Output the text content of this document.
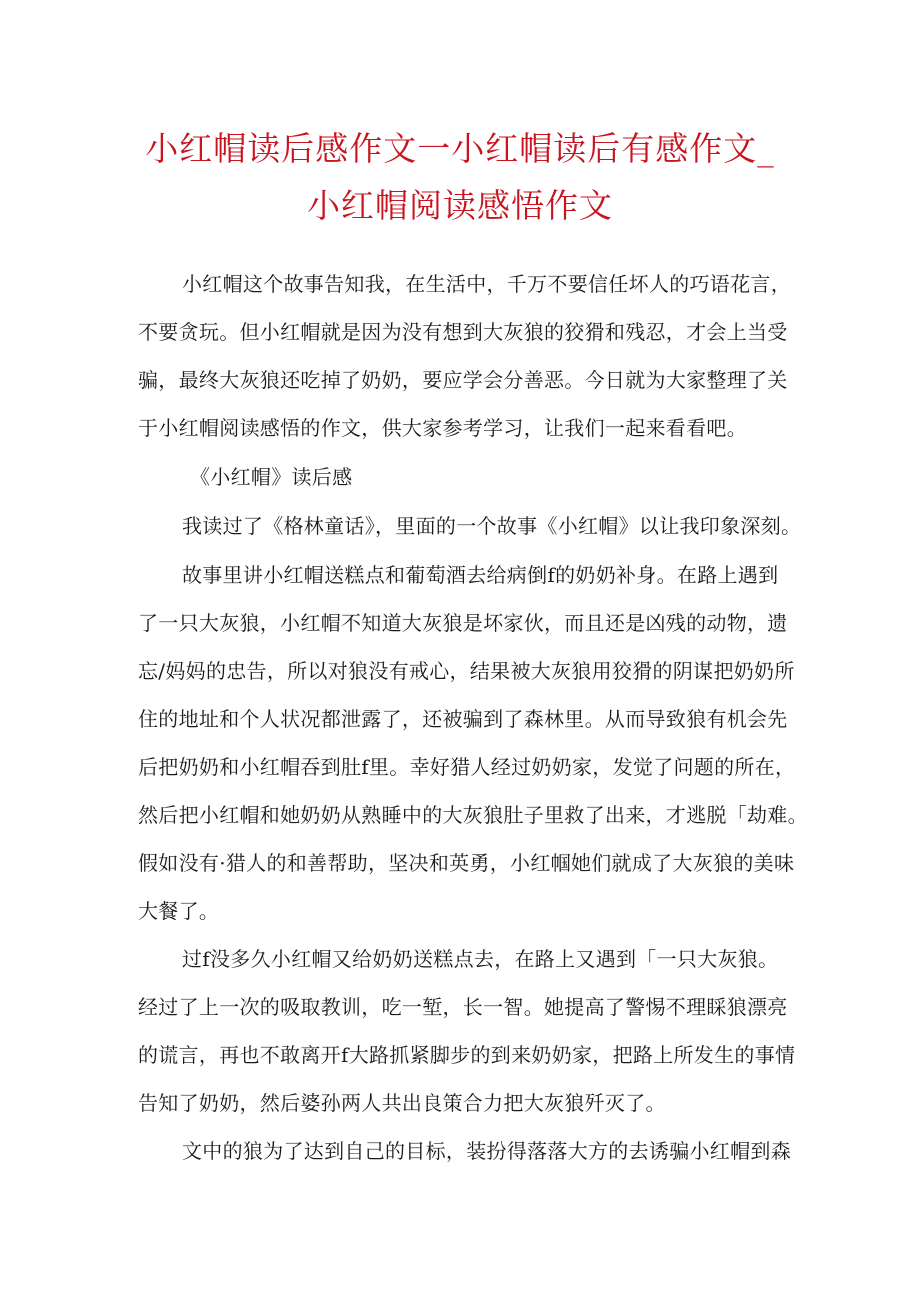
小红帽读后感作文一小红帽读后有感作文_
小红帽阅读感悟作文
小红帽这个故事告知我，在生活中，千万不要信任坏人的巧语花言，
不要贪玩。但小红帽就是因为没有想到大灰狼的狡猾和残忍，才会上当受
骗，最终大灰狼还吃掉了奶奶，要应学会分善恶。今日就为大家整理了关
于小红帽阅读感悟的作文，供大家参考学习，让我们一起来看看吧。
《小红帽》读后感
我读过了《格林童话》，里面的一个故事《小红帽》以让我印象深刻。
故事里讲小红帽送糕点和葡萄酒去给病倒f的奶奶补身。在路上遇到
了一只大灰狼，小红帽不知道大灰狼是坏家伙，而且还是凶残的动物，遗
忘/妈妈的忠告，所以对狼没有戒心，结果被大灰狼用狡猾的阴谋把奶奶所
住的地址和个人状况都泄露了，还被骗到了森林里。从而导致狼有机会先
后把奶奶和小红帽吞到肚f里。幸好猎人经过奶奶家，发觉了问题的所在，
然后把小红帽和她奶奶从熟睡中的大灰狼肚子里救了出来，才逃脱「劫难。
假如没有·猎人的和善帮助，坚决和英勇，小红帼她们就成了大灰狼的美味
大餐了。
过f没多久小红帽又给奶奶送糕点去，在路上又遇到「一只大灰狼。
经过了上一次的吸取教训，吃一堑，长一智。她提高了警惕不理睬狼漂亮
的谎言，再也不敢离开f大路抓紧脚步的到来奶奶家，把路上所发生的事情
告知了奶奶，然后婆孙两人共出良策合力把大灰狼歼灭了。
文中的狼为了达到自己的目标，装扮得落落大方的去诱骗小红帽到森
